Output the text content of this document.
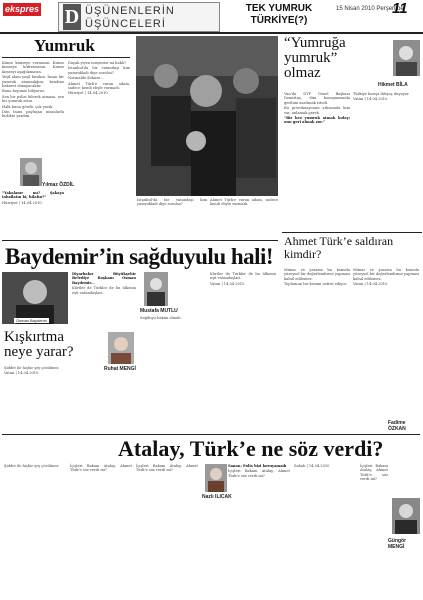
ekspres D ÜŞÜNENLERİN
ÜŞÜNCELERİ
TEK YUMRUK
TÜRKİYE(?)
15 Nisan 2010 Perşembe
11
Yumruk

Kimse kimseye vurmasın. Kimse kimseye küfretmesin. Kimse kimseyi aşağılamasın.

Yeşil alanı yeşil bırakın. İnsan bir yumruk atamadığını, kendine hakaret olmayacaktır.

Bunu hepimiz biliyoruz.

Sen bir polisi bilerek atmasa, sen bir yumruk attın.

Halk bunu gördü, çok yazık.

Dün bunu paylaşan insanlarla birlikte yazdım.

Yılmaz ÖZDİL

“Yakalanır mı? Şakaya tahsilatın ki, hilafın?”

Hürriyet | 14.04.2010

Dayak yiyen müşterisi mi haklı?

İstanbul'da bir vatandaşı kim yumrukladı diye sorulsa?

Normalde dokuzu...

Ahmet Türk'e vuran adam, sadece kendi eliyle vurmadı.

Hürriyet | 14.04.2010

“Yumruğa
yumruk”
olmaz
Hikmet BİLA

Van'da DTP Genel Başkanı Demirtaş, dün konuşmasında gerilimi azaltmak istedi.

Bu provokasyonun arkasında kim var, anlamak gerek.

“Bir kez yumruk atmak kolay; onu geri almak zor.”

Türkiye barışa ihtiyaç duyuyor.

Vatan | 14.04.2010

İstanbul'da bir vatandaşı kim yumrukladı diye sorulsa?

Ahmet Türk'e vuran adam, sadece kendi eliyle vurmadı.

Ahmet Türk’e saldıran kimdir?

Mimar ve yazarın bu konuda yüzeysel bir değerlendirme yapması kabul edilemez.

Toplumun bir kesimi nefret ediyor.

Mimar ve yazarın bu konuda yüzeysel bir değerlendirme yapması kabul edilemez.

Vatan | 14.04.2010

Fadime ÖZKAN
Baydemir’in sağduyulu hali!
Osman Baydemir

Diyarbakır Büyükşehir Belediye Başkanı Osman Baydemir...

Kürtler de Türkler de bu ülkenin eşit vatandaşları.

Mustafa MUTLU

Sağduyu hakim olmalı.

Kürtler de Türkler de bu ülkenin eşit vatandaşları.

Vatan | 14.04.2010

Kışkırtma
neye yarar?
Ruhat MENGİ

Şiddet ile hiçbir şey çözülmez.

Vatan | 14.04.2010

Atalay, Türk’e ne söz verdi?

Şiddet ile hiçbir şey çözülmez.	İçişleri Bakanı Atalay, Ahmet Türk'e söz verdi mi?

İçişleri Bakanı Atalay, Ahmet Türk'e söz verdi mi?

Nazlı ILICAK

Sanan: Polis bizi koruyamadı

İçişleri Bakanı Atalay, Ahmet Türk'e söz verdi mi?

Sabah | 14.04.2010

Güngör MENGİ

İçişleri Bakanı Atalay, Ahmet Türk'e söz verdi mi?
